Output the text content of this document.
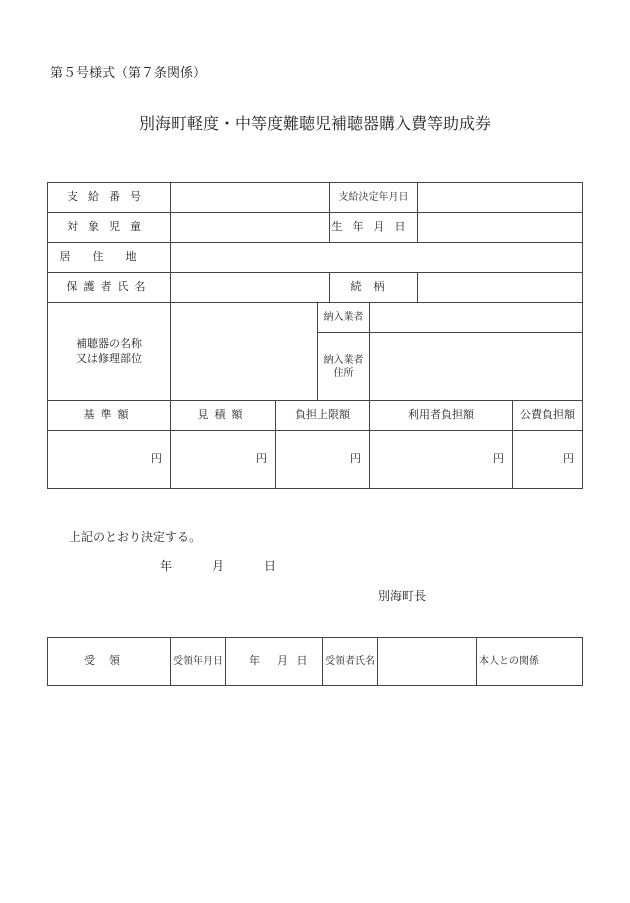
第５号様式（第７条関係）
別海町軽度・中等度難聴児補聴器購入費等助成券
支給番号				支給決定年月日			
対象児童				生年月日			
居住地							
保護者氏名				続柄			

補聴器の名称
又は修理部位			納入業者				

			納入業者
住所				

基準額	見積額	負担上限額			利用者負担額		公費負担額
円	円	円			円		円
上記のとおり決定する。
年	月	日
別海町長
受領	受領年月日	年 月 日	受領者氏名		本人との関係
